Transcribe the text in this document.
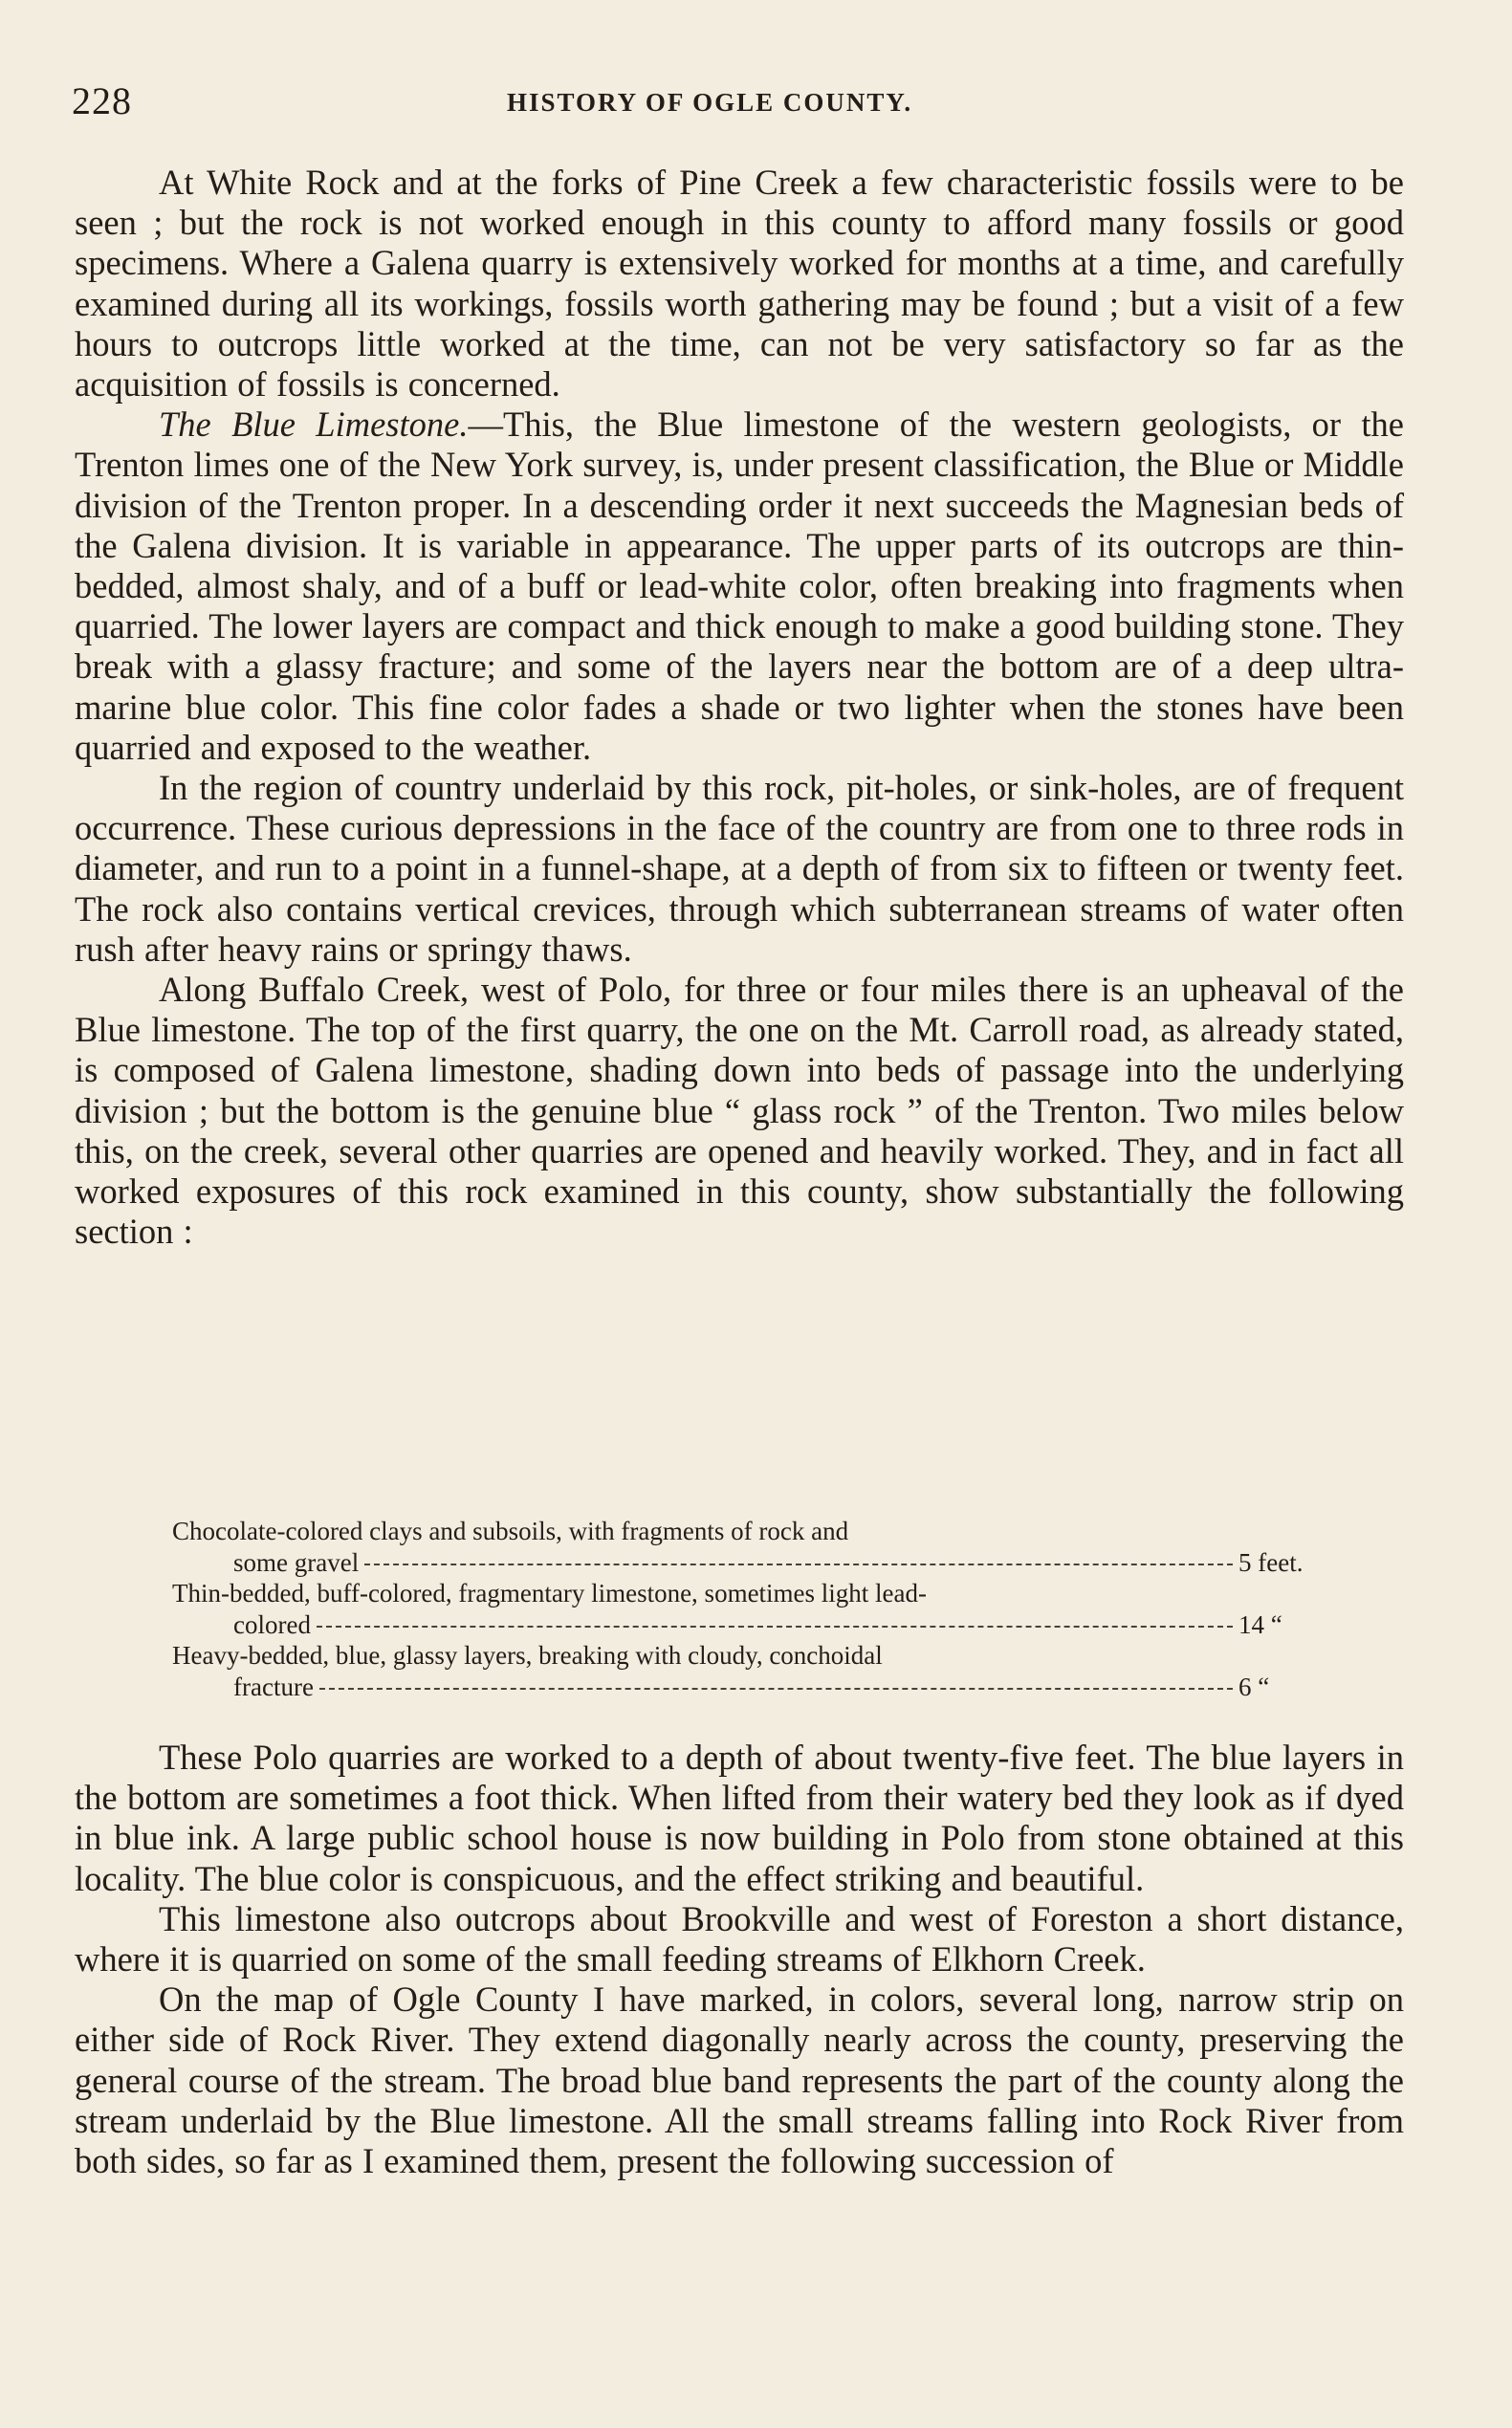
228	HISTORY OF OGLE COUNTY.

At White Rock and at the forks of Pine Creek a few characteristic fossils were to be seen ; but the rock is not worked enough in this county to afford many fossils or good specimens. Where a Galena quarry is extensively worked for months at a time, and carefully examined during all its workings, fossils worth gathering may be found ; but a visit of a few hours to outcrops little worked at the time, can not be very satisfactory so far as the acquisition of fossils is concerned.

The Blue Limestone.—This, the Blue limestone of the western geologists, or the Trenton limes one of the New York survey, is, under present classification, the Blue or Middle division of the Trenton proper. In a descending order it next succeeds the Magnesian beds of the Galena division. It is variable in appearance. The upper parts of its outcrops are thin-bedded, almost shaly, and of a buff or lead-white color, often breaking into fragments when quarried. The lower layers are compact and thick enough to make a good building stone. They break with a glassy fracture; and some of the layers near the bottom are of a deep ultra-marine blue color. This fine color fades a shade or two lighter when the stones have been quarried and exposed to the weather.

In the region of country underlaid by this rock, pit-holes, or sink-holes, are of frequent occurrence. These curious depressions in the face of the country are from one to three rods in diameter, and run to a point in a funnel-shape, at a depth of from six to fifteen or twenty feet. The rock also contains vertical crevices, through which subterranean streams of water often rush after heavy rains or springy thaws.

Along Buffalo Creek, west of Polo, for three or four miles there is an upheaval of the Blue limestone. The top of the first quarry, the one on the Mt. Carroll road, as already stated, is composed of Galena limestone, shading down into beds of passage into the underlying division ; but the bottom is the genuine blue “ glass rock ” of the Trenton. Two miles below this, on the creek, several other quarries are opened and heavily worked. They, and in fact all worked exposures of this rock examined in this county, show substantially the following section :

Chocolate-colored clays and subsoils, with fragments of rock and
some gravel	5 feet.
Thin-bedded, buff-colored, fragmentary limestone, sometimes light lead-
colored	14 “
Heavy-bedded, blue, glassy layers, breaking with cloudy, conchoidal
fracture	6 “

These Polo quarries are worked to a depth of about twenty-five feet. The blue layers in the bottom are sometimes a foot thick. When lifted from their watery bed they look as if dyed in blue ink. A large public school house is now building in Polo from stone obtained at this locality. The blue color is conspicuous, and the effect striking and beautiful.

This limestone also outcrops about Brookville and west of Foreston a short distance, where it is quarried on some of the small feeding streams of Elkhorn Creek.

On the map of Ogle County I have marked, in colors, several long, narrow strip on either side of Rock River. They extend diagonally nearly across the county, preserving the general course of the stream. The broad blue band represents the part of the county along the stream underlaid by the Blue limestone. All the small streams falling into Rock River from both sides, so far as I examined them, present the following succession of
